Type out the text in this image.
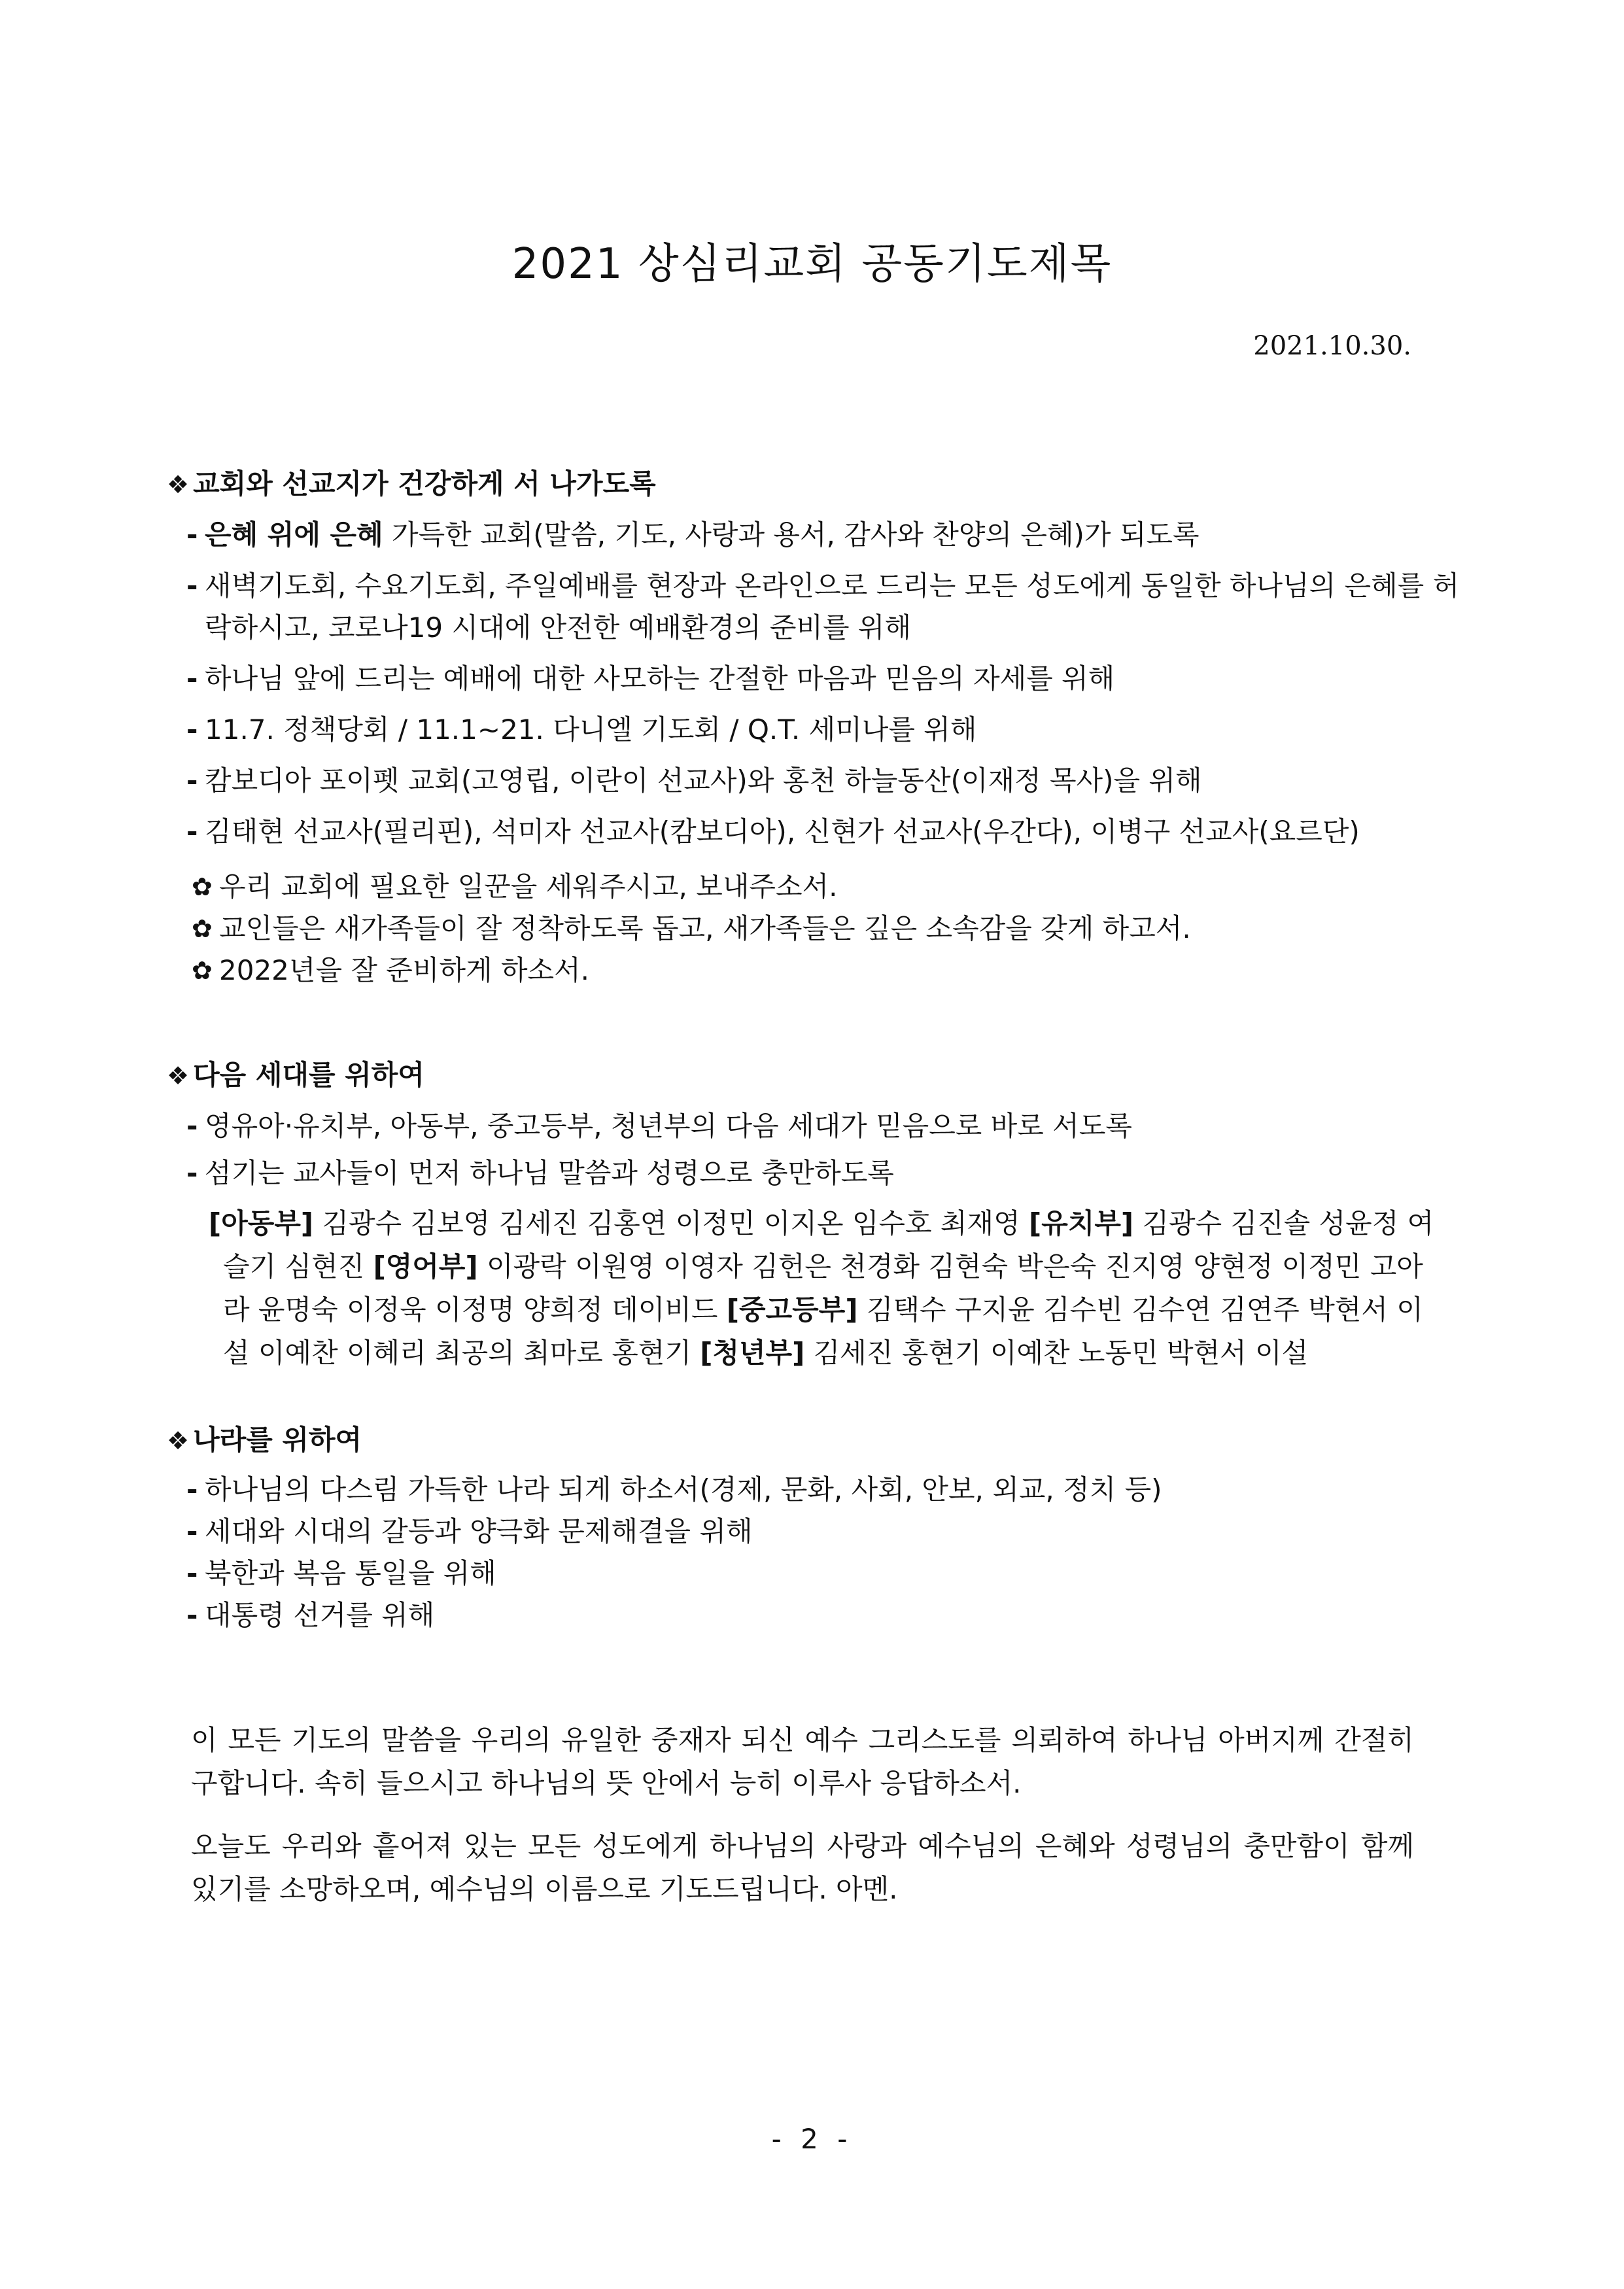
2021 상심리교회 공동기도제목
2021.10.30.
❖ 교회와 선교지가 건강하게 서 나가도록
- 은혜 위에 은혜 가득한 교회(말씀, 기도, 사랑과 용서, 감사와 찬양의 은혜)가 되도록
- 새벽기도회, 수요기도회, 주일예배를 현장과 온라인으로 드리는 모든 성도에게 동일한 하나님의 은혜를 허락하시고, 코로나19 시대에 안전한 예배환경의 준비를 위해
- 하나님 앞에 드리는 예배에 대한 사모하는 간절한 마음과 믿음의 자세를 위해
- 11.7. 정책당회 / 11.1~21. 다니엘 기도회 / Q.T. 세미나를 위해
- 캄보디아 포이펫 교회(고영립, 이란이 선교사)와 홍천 하늘동산(이재정 목사)을 위해
- 김태현 선교사(필리핀), 석미자 선교사(캄보디아), 신현가 선교사(우간다), 이병구 선교사(요르단)
✿ 우리 교회에 필요한 일꾼을 세워주시고, 보내주소서.
✿ 교인들은 새가족들이 잘 정착하도록 돕고, 새가족들은 깊은 소속감을 갖게 하고서.
✿ 2022년을 잘 준비하게 하소서.
❖ 다음 세대를 위하여
- 영유아·유치부, 아동부, 중고등부, 청년부의 다음 세대가 믿음으로 바로 서도록
- 섬기는 교사들이 먼저 하나님 말씀과 성령으로 충만하도록
[아동부] 김광수 김보영 김세진 김홍연 이정민 이지온 임수호 최재영 [유치부] 김광수 김진솔 성윤정 여슬기 심현진 [영어부] 이광락 이원영 이영자 김헌은 천경화 김현숙 박은숙 진지영 양현정 이정민 고아라 윤명숙 이정욱 이정명 양희정 데이비드 [중고등부] 김택수 구지윤 김수빈 김수연 김연주 박현서 이설 이예찬 이혜리 최공의 최마로 홍현기 [청년부] 김세진 홍현기 이예찬 노동민 박현서 이설
❖ 나라를 위하여
- 하나님의 다스림 가득한 나라 되게 하소서(경제, 문화, 사회, 안보, 외교, 정치 등)
- 세대와 시대의 갈등과 양극화 문제해결을 위해
- 북한과 복음 통일을 위해
- 대통령 선거를 위해
이 모든 기도의 말씀을 우리의 유일한 중재자 되신 예수 그리스도를 의뢰하여 하나님 아버지께 간절히 구합니다. 속히 들으시고 하나님의 뜻 안에서 능히 이루사 응답하소서.
오늘도 우리와 흩어져 있는 모든 성도에게 하나님의 사랑과 예수님의 은혜와 성령님의 충만함이 함께 있기를 소망하오며, 예수님의 이름으로 기도드립니다. 아멘.
- 2 -
